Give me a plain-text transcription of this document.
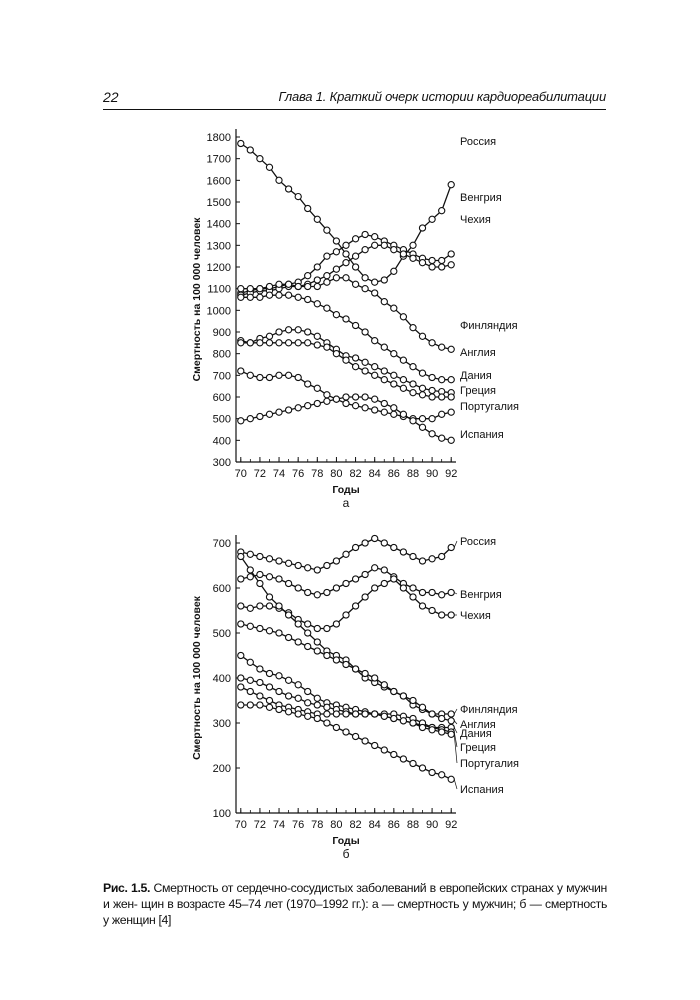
22	Глава 1. Краткий очерк истории кардиореабилитации
300
400
500
600
700
800
900
1000
1100
1200
1300
1400
1500
1600
1700
1800
70 72 74 76 78 80 82 84 86 88 90 92
Годы
Смертность на 100 000 человек
а
Россия
Венгрия
Чехия
Финляндия
Англия
Дания
Греция
Португалия
Испания
100
200
300
400
500
600
700
70 72 74 76 78 80 82 84 86 88 90 92
Годы
Смертность на 100 000 человек
б
Россия
Венгрия
Чехия
Финляндия
Англия
Дания
Греция
Португалия
Испания
Рис. 1.5. Смертность от сердечно-сосудистых заболеваний в европейских странах у мужчин и жен- щин в возрасте 45–74 лет (1970–1992 гг.): а — смертность у мужчин; б — смертность у женщин [4]
